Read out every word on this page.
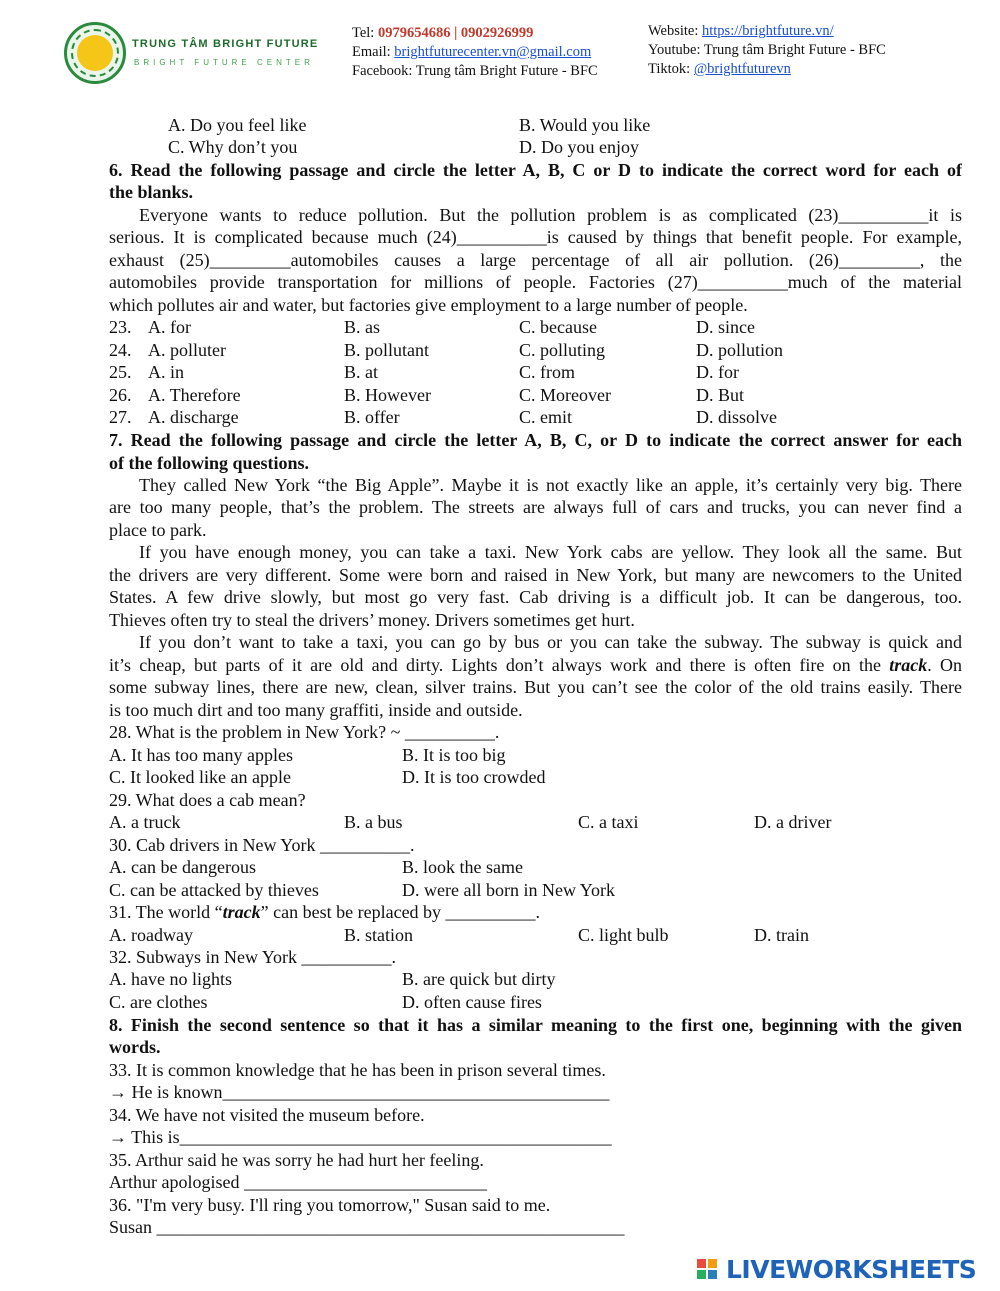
TRUNG TÂM BRIGHT FUTURE
BRIGHT FUTURE CENTER
Tel: 0979654686 | 0902926999
Email: brightfuturecenter.vn@gmail.com
Facebook: Trung tâm Bright Future - BFC
Website: https://brightfuture.vn/
Youtube: Trung tâm Bright Future - BFC
Tiktok: @brightfuturevn
A. Do you feel like	B. Would you like
C. Why don’t you	D. Do you enjoy
6. Read the following passage and circle the letter A, B, C or D to indicate the correct word for each of
the blanks.
Everyone wants to reduce pollution. But the pollution problem is as complicated (23)__________it is
serious. It is complicated because much (24)__________is caused by things that benefit people. For example,
exhaust (25)_________automobiles causes a large percentage of all air pollution. (26)_________, the
automobiles provide transportation for millions of people. Factories (27)__________much of the material
which pollutes air and water, but factories give employment to a large number of people.
23. A. for	B. as	C. because	D. since
24. A. polluter	B. pollutant	C. polluting	D. pollution
25. A. in	B. at	C. from	D. for
26. A. Therefore	B. However	C. Moreover	D. But
27. A. discharge	B. offer	C. emit	D. dissolve
7. Read the following passage and circle the letter A, B, C, or D to indicate the correct answer for each
of the following questions.
They called New York “the Big Apple”. Maybe it is not exactly like an apple, it’s certainly very big. There
are too many people, that’s the problem. The streets are always full of cars and trucks, you can never find a
place to park.
If you have enough money, you can take a taxi. New York cabs are yellow. They look all the same. But
the drivers are very different. Some were born and raised in New York, but many are newcomers to the United
States. A few drive slowly, but most go very fast. Cab driving is a difficult job. It can be dangerous, too.
Thieves often try to steal the drivers’ money. Drivers sometimes get hurt.
If you don’t want to take a taxi, you can go by bus or you can take the subway. The subway is quick and
it’s cheap, but parts of it are old and dirty. Lights don’t always work and there is often fire on the track. On
some subway lines, there are new, clean, silver trains. But you can’t see the color of the old trains easily. There
is too much dirt and too many graffiti, inside and outside.
28. What is the problem in New York? ~ __________.
A. It has too many apples	B. It is too big
C. It looked like an apple	D. It is too crowded
29. What does a cab mean?
A. a truck	B. a bus	C. a taxi	D. a driver
30. Cab drivers in New York __________.
A. can be dangerous	B. look the same
C. can be attacked by thieves	D. were all born in New York
31. The world “track” can best be replaced by __________.
A. roadway	B. station	C. light bulb	D. train
32. Subways in New York __________.
A. have no lights	B. are quick but dirty
C. are clothes	D. often cause fires
8. Finish the second sentence so that it has a similar meaning to the first one, beginning with the given
words.
33. It is common knowledge that he has been in prison several times.
→ He is known___________________________________________
34. We have not visited the museum before.
→ This is________________________________________________
35. Arthur said he was sorry he had hurt her feeling.
Arthur apologised ___________________________
36. "I'm very busy. I'll ring you tomorrow," Susan said to me.
Susan ____________________________________________________
LIVEWORKSHEETS
